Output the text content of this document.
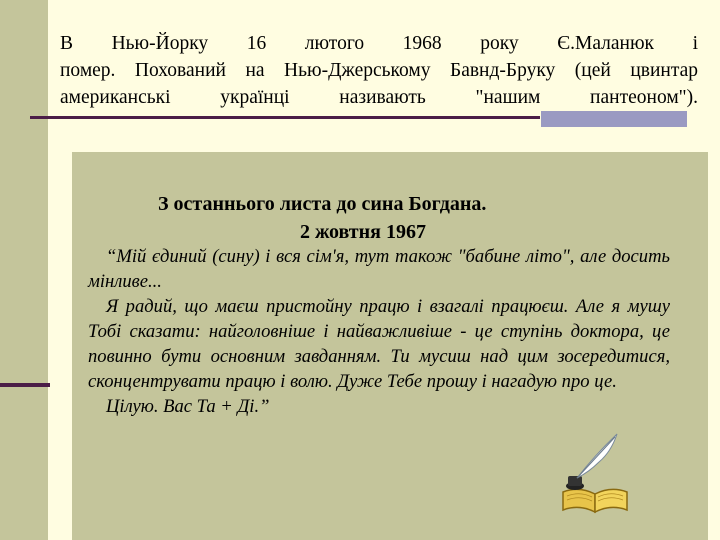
В Нью-Йорку 16 лютого 1968 року Є.Маланюк і
помер. Похований на Нью-Джерському Бавнд-Бруку (цей цвинтар
американські українці називають "нашим пантеоном").
З останнього листа до сина Богдана.
2 жовтня 1967

“Мій єдиний (сину) і вся сім'я, тут також "бабине літо", але досить мінливе...

Я радий, що маєш пристойну працю і взагалі працюєш. Але я мушу Тобі сказати: найголовніше і найважливіше - це ступінь доктора, це повинно бути основним завданням. Ти мусиш над цим зосередитися, сконцентрувати працю і волю. Дуже Тебе прошу і нагадую про це.

Цілую. Вас Та + Ді.”
